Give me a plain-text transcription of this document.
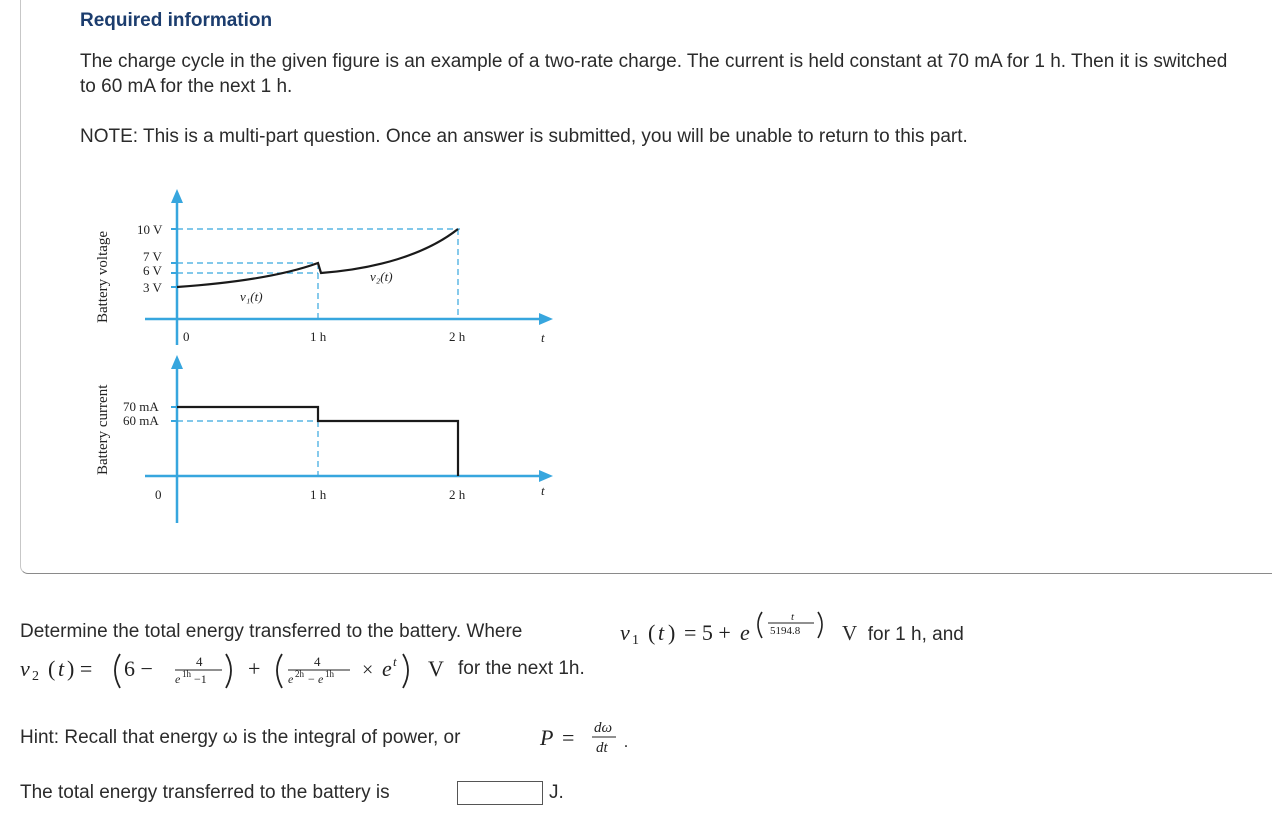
Required information
The charge cycle in the given figure is an example of a two-rate charge. The current is held constant at 70 mA for 1 h. Then it is switched to 60 mA for the next 1 h.
NOTE: This is a multi-part question. Once an answer is submitted, you will be unable to return to this part.
Battery voltage
Battery current
10 V
7 V
6 V
3 V
0	1 h	2 h	t
v₁(t)
v₂(t)
70 mA
60 mA
0	1 h	2 h	t
Determine the total energy transferred to the battery. Where	v 1 ( t ) = 5 + e
t
5194.8 V  for 1 h, and
v 2 ( t ) = 6 −	4
e 1h −1 +	4
e 2h − e 1h × e t V for the next 1h.
Hint: Recall that energy ω is the integral of power, or	P = dω
dt .
The total energy transferred to the battery is	J.
